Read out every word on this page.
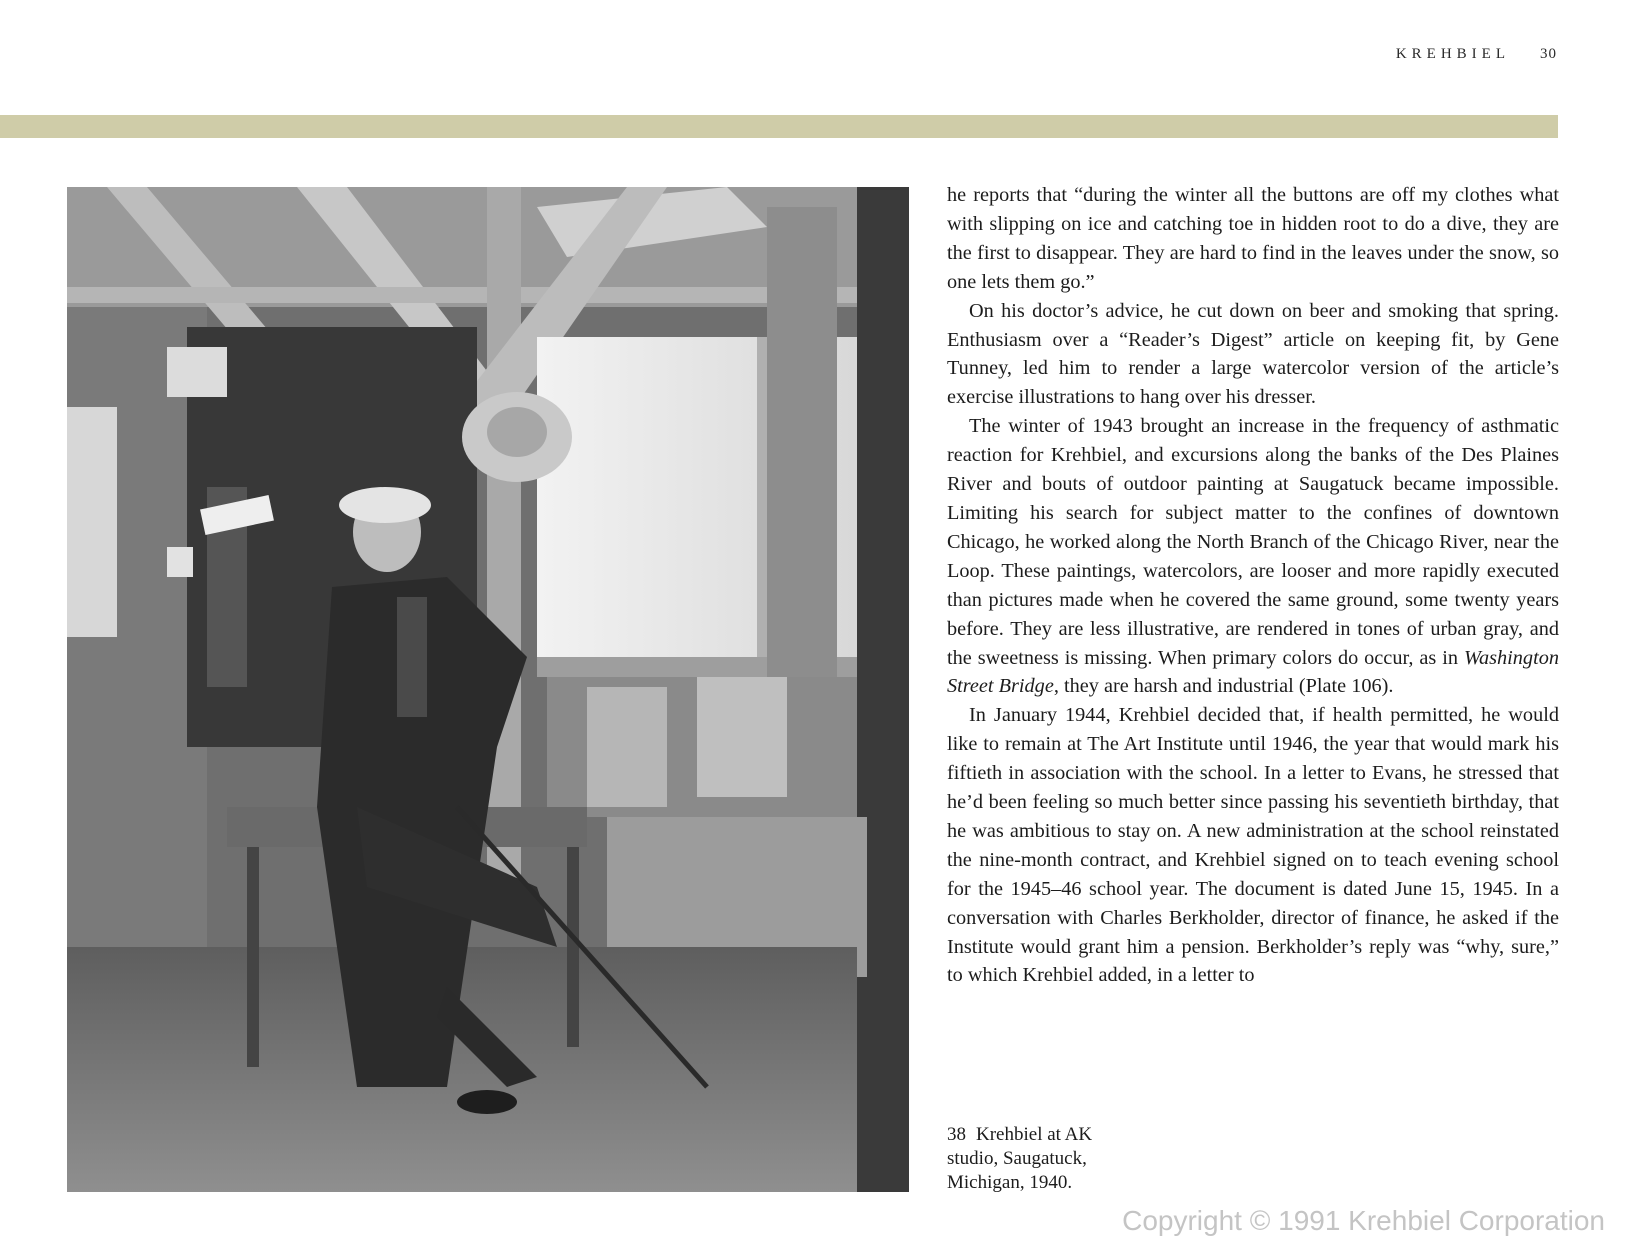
KREHBIEL 30

he reports that “during the winter all the buttons are off my clothes what with slipping on ice and catching toe in hidden root to do a dive, they are the first to disappear. They are hard to find in the leaves under the snow, so one lets them go.”

On his doctor’s advice, he cut down on beer and smoking that spring. Enthusiasm over a “Reader’s Digest” article on keeping fit, by Gene Tunney, led him to render a large watercolor version of the article’s exercise illustrations to hang over his dresser.

The winter of 1943 brought an increase in the frequency of asthmatic reaction for Krehbiel, and excursions along the banks of the Des Plaines River and bouts of outdoor painting at Saugatuck became impossible. Limiting his search for subject matter to the confines of downtown Chicago, he worked along the North Branch of the Chicago River, near the Loop. These paintings, watercolors, are looser and more rapidly executed than pictures made when he covered the same ground, some twenty years before. They are less illustrative, are rendered in tones of urban gray, and the sweetness is missing. When primary colors do occur, as in Washington Street Bridge, they are harsh and industrial (Plate 106).

In January 1944, Krehbiel decided that, if health permitted, he would like to remain at The Art Institute until 1946, the year that would mark his fiftieth in association with the school. In a letter to Evans, he stressed that he’d been feeling so much better since passing his seventieth birthday, that he was ambitious to stay on. A new administration at the school reinstated the nine-month contract, and Krehbiel signed on to teach evening school for the 1945–46 school year. The document is dated June 15, 1945. In a conversation with Charles Berkholder, director of finance, he asked if the Institute would grant him a pension. Berkholder’s reply was “why, sure,” to which Krehbiel added, in a letter to

38 Krehbiel at AK studio, Saugatuck, Michigan, 1940.
Copyright © 1991 Krehbiel Corporation
